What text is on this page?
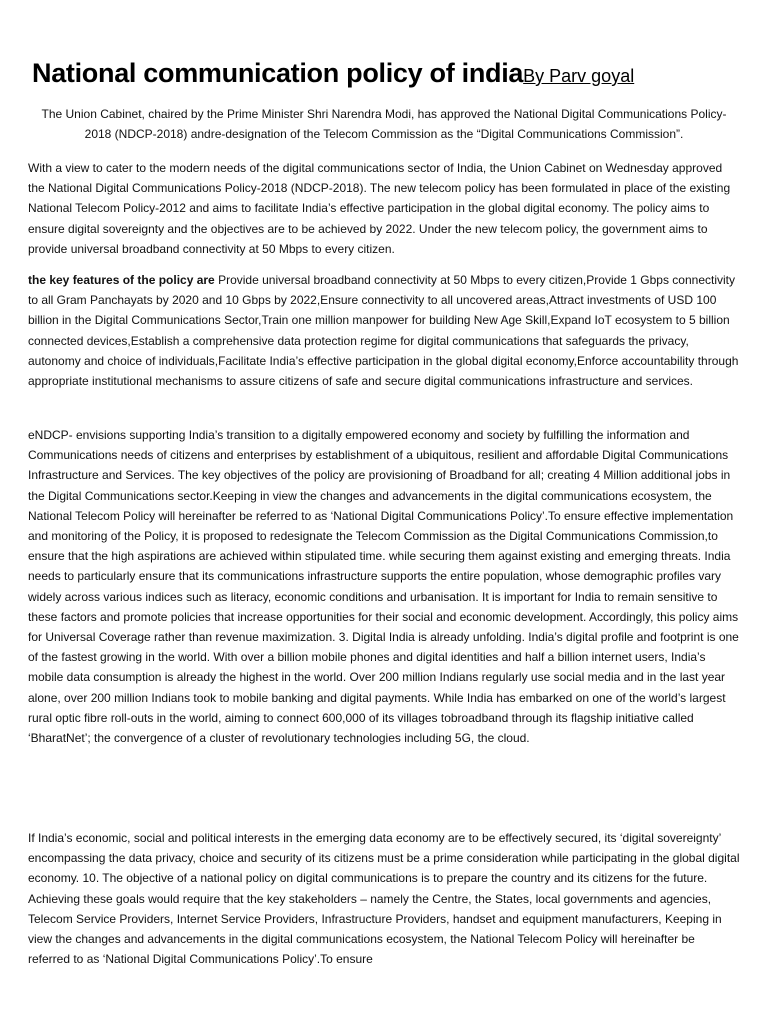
National communication policy of indiaBy Parv goyal
The Union Cabinet, chaired by the Prime Minister Shri Narendra Modi, has approved the National Digital Communications Policy-2018 (NDCP-2018) andre-designation of the Telecom Commission as the “Digital Communications Commission”.

With a view to cater to the modern needs of the digital communications sector of India, the Union Cabinet on Wednesday approved the National Digital Communications Policy-2018 (NDCP-2018). The new telecom policy has been formulated in place of the existing National Telecom Policy-2012 and aims to facilitate India’s effective participation in the global digital economy. The policy aims to ensure digital sovereignty and the objectives are to be achieved by 2022. Under the new telecom policy, the government aims to provide universal broadband connectivity at 50 Mbps to every citizen.

the key features of the policy are Provide universal broadband connectivity at 50 Mbps to every citizen,Provide 1 Gbps connectivity to all Gram Panchayats by 2020 and 10 Gbps by 2022,Ensure connectivity to all uncovered areas,Attract investments of USD 100 billion in the Digital Communications Sector,Train one million manpower for building New Age Skill,Expand IoT ecosystem to 5 billion connected devices,Establish a comprehensive data protection regime for digital communications that safeguards the privacy, autonomy and choice of individuals,Facilitate India’s effective participation in the global digital economy,Enforce accountability through appropriate institutional mechanisms to assure citizens of safe and secure digital communications infrastructure and services.

eNDCP- envisions supporting India’s transition to a digitally empowered economy and society by fulfilling the information and Communications needs of citizens and enterprises by establishment of a ubiquitous, resilient and affordable Digital Communications Infrastructure and Services. The key objectives of the policy are provisioning of Broadband for all; creating 4 Million additional jobs in the Digital Communications sector.Keeping in view the changes and advancements in the digital communications ecosystem, the National Telecom Policy will hereinafter be referred to as ‘National Digital Communications Policy’.To ensure effective implementation and monitoring of the Policy, it is proposed to redesignate the Telecom Commission as the Digital Communications Commission,to ensure that the high aspirations are achieved within stipulated time. while securing them against existing and emerging threats. India needs to particularly ensure that its communications infrastructure supports the entire population, whose demographic profiles vary widely across various indices such as literacy, economic conditions and urbanisation. It is important for India to remain sensitive to these factors and promote policies that increase opportunities for their social and economic development. Accordingly, this policy aims for Universal Coverage rather than revenue maximization. 3. Digital India is already unfolding. India’s digital profile and footprint is one of the fastest growing in the world. With over a billion mobile phones and digital identities and half a billion internet users, India’s mobile data consumption is already the highest in the world. Over 200 million Indians regularly use social media and in the last year alone, over 200 million Indians took to mobile banking and digital payments. While India has embarked on one of the world’s largest rural optic fibre roll-outs in the world, aiming to connect 600,000 of its villages tobroadband through its flagship initiative called ‘BharatNet’; the convergence of a cluster of revolutionary technologies including 5G, the cloud.

If India’s economic, social and political interests in the emerging data economy are to be effectively secured, its ‘digital sovereignty’ encompassing the data privacy, choice and security of its citizens must be a prime consideration while participating in the global digital economy. 10. The objective of a national policy on digital communications is to prepare the country and its citizens for the future. Achieving these goals would require that the key stakeholders – namely the Centre, the States, local governments and agencies, Telecom Service Providers, Internet Service Providers, Infrastructure Providers, handset and equipment manufacturers, Keeping in view the changes and advancements in the digital communications ecosystem, the National Telecom Policy will hereinafter be referred to as ‘National Digital Communications Policy’.To ensure
